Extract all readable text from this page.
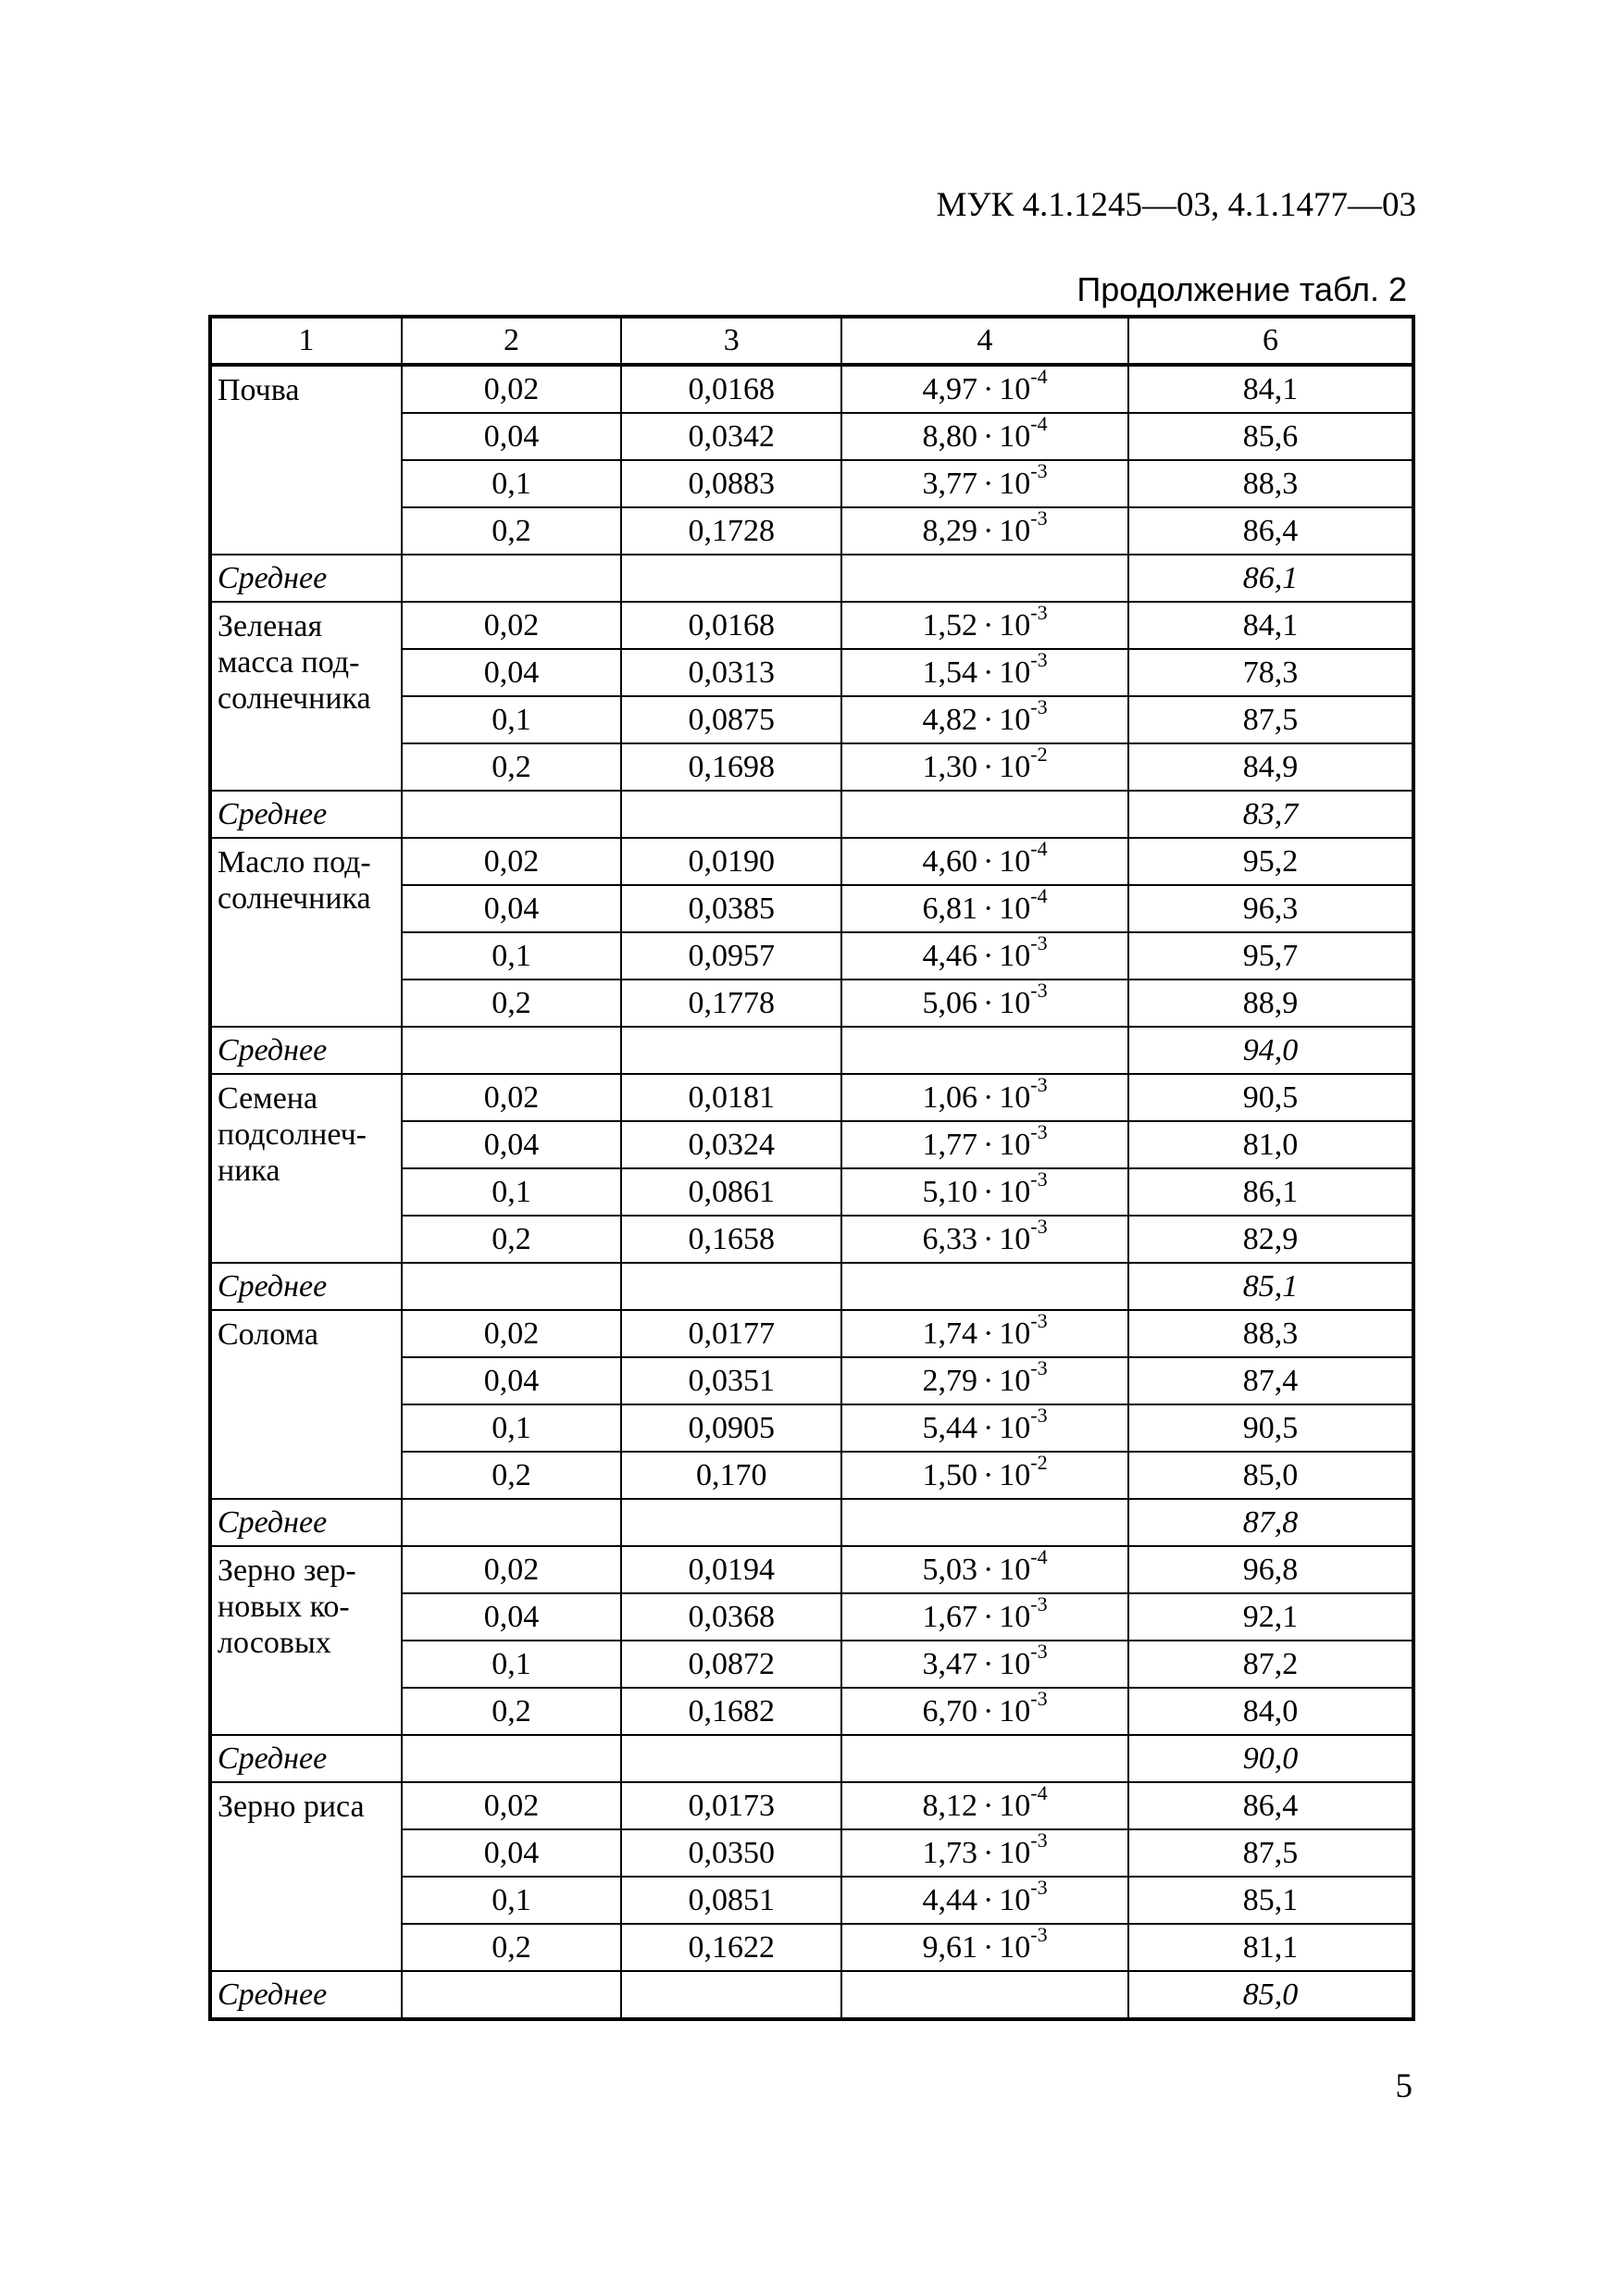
МУК 4.1.1245—03, 4.1.1477—03
Продолжение табл. 2
1	2	3	4	6
Почва	0,02	0,0168	$4,97 \cdot 10^{-4}$	84,1
	0,04	0,0342	$8,80 \cdot 10^{-4}$	85,6
	0,1	0,0883	$3,77 \cdot 10^{-3}$	88,3
	0,2	0,1728	$8,29 \cdot 10^{-3}$	86,4
Среднее				86,1
Зеленая масса под-солнечника	0,02	0,0168	$1,52 \cdot 10^{-3}$	84,1
	0,04	0,0313	$1,54 \cdot 10^{-3}$	78,3
	0,1	0,0875	$4,82 \cdot 10^{-3}$	87,5
	0,2	0,1698	$1,30 \cdot 10^{-2}$	84,9
Среднее				83,7
Масло под-солнечника	0,02	0,0190	$4,60 \cdot 10^{-4}$	95,2
	0,04	0,0385	$6,81 \cdot 10^{-4}$	96,3
	0,1	0,0957	$4,46 \cdot 10^{-3}$	95,7
	0,2	0,1778	$5,06 \cdot 10^{-3}$	88,9
Среднее				94,0
Семена подсолнеч-ника	0,02	0,0181	$1,06 \cdot 10^{-3}$	90,5
	0,04	0,0324	$1,77 \cdot 10^{-3}$	81,0
	0,1	0,0861	$5,10 \cdot 10^{-3}$	86,1
	0,2	0,1658	$6,33 \cdot 10^{-3}$	82,9
Среднее				85,1
Солома	0,02	0,0177	$1,74 \cdot 10^{-3}$	88,3
	0,04	0,0351	$2,79 \cdot 10^{-3}$	87,4
	0,1	0,0905	$5,44 \cdot 10^{-3}$	90,5
	0,2	0,170	$1,50 \cdot 10^{-2}$	85,0
Среднее				87,8
Зерно зер-новых ко-лосовых	0,02	0,0194	$5,03 \cdot 10^{-4}$	96,8
	0,04	0,0368	$1,67 \cdot 10^{-3}$	92,1
	0,1	0,0872	$3,47 \cdot 10^{-3}$	87,2
	0,2	0,1682	$6,70 \cdot 10^{-3}$	84,0
Среднее				90,0
Зерно риса	0,02	0,0173	$8,12 \cdot 10^{-4}$	86,4
	0,04	0,0350	$1,73 \cdot 10^{-3}$	87,5
	0,1	0,0851	$4,44 \cdot 10^{-3}$	85,1
	0,2	0,1622	$9,61 \cdot 10^{-3}$	81,1
Среднее				85,0
5
